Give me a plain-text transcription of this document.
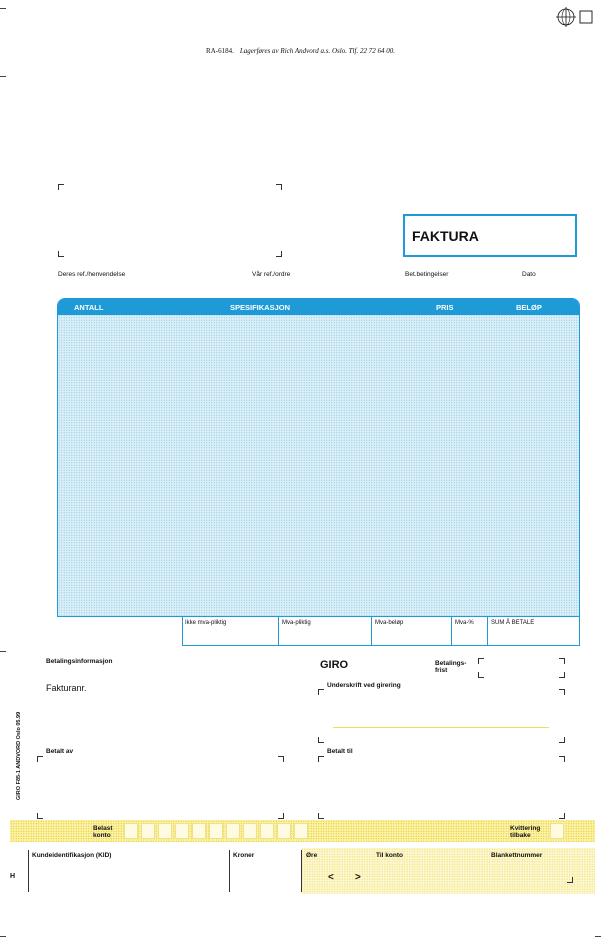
RA-6184. Lagerføres av Rich Andvord a.s. Oslo. Tlf. 22 72 64 00.
FAKTURA
Deres ref./henvendelse	Vår ref./ordre	Bet.betingelser	Dato
ANTALL	SPESIFIKASJON	PRIS	BELØP
Ikke mva-pliktig	Mva-pliktig	Mva-beløp	Mva-%	SUM Å BETALE
Betalingsinformasjon	GIRO	Betalings-
frist
Fakturanr.	Underskrift ved girering
Betalt av	Betalt til
GIRO F85-1 ANDVORD Oslo 05.99
Belast
konto
Kvittering
tilbake
Kundeidentifikasjon (KID)	Kroner	Øre	Til konto	Blankettnummer
H	< >
